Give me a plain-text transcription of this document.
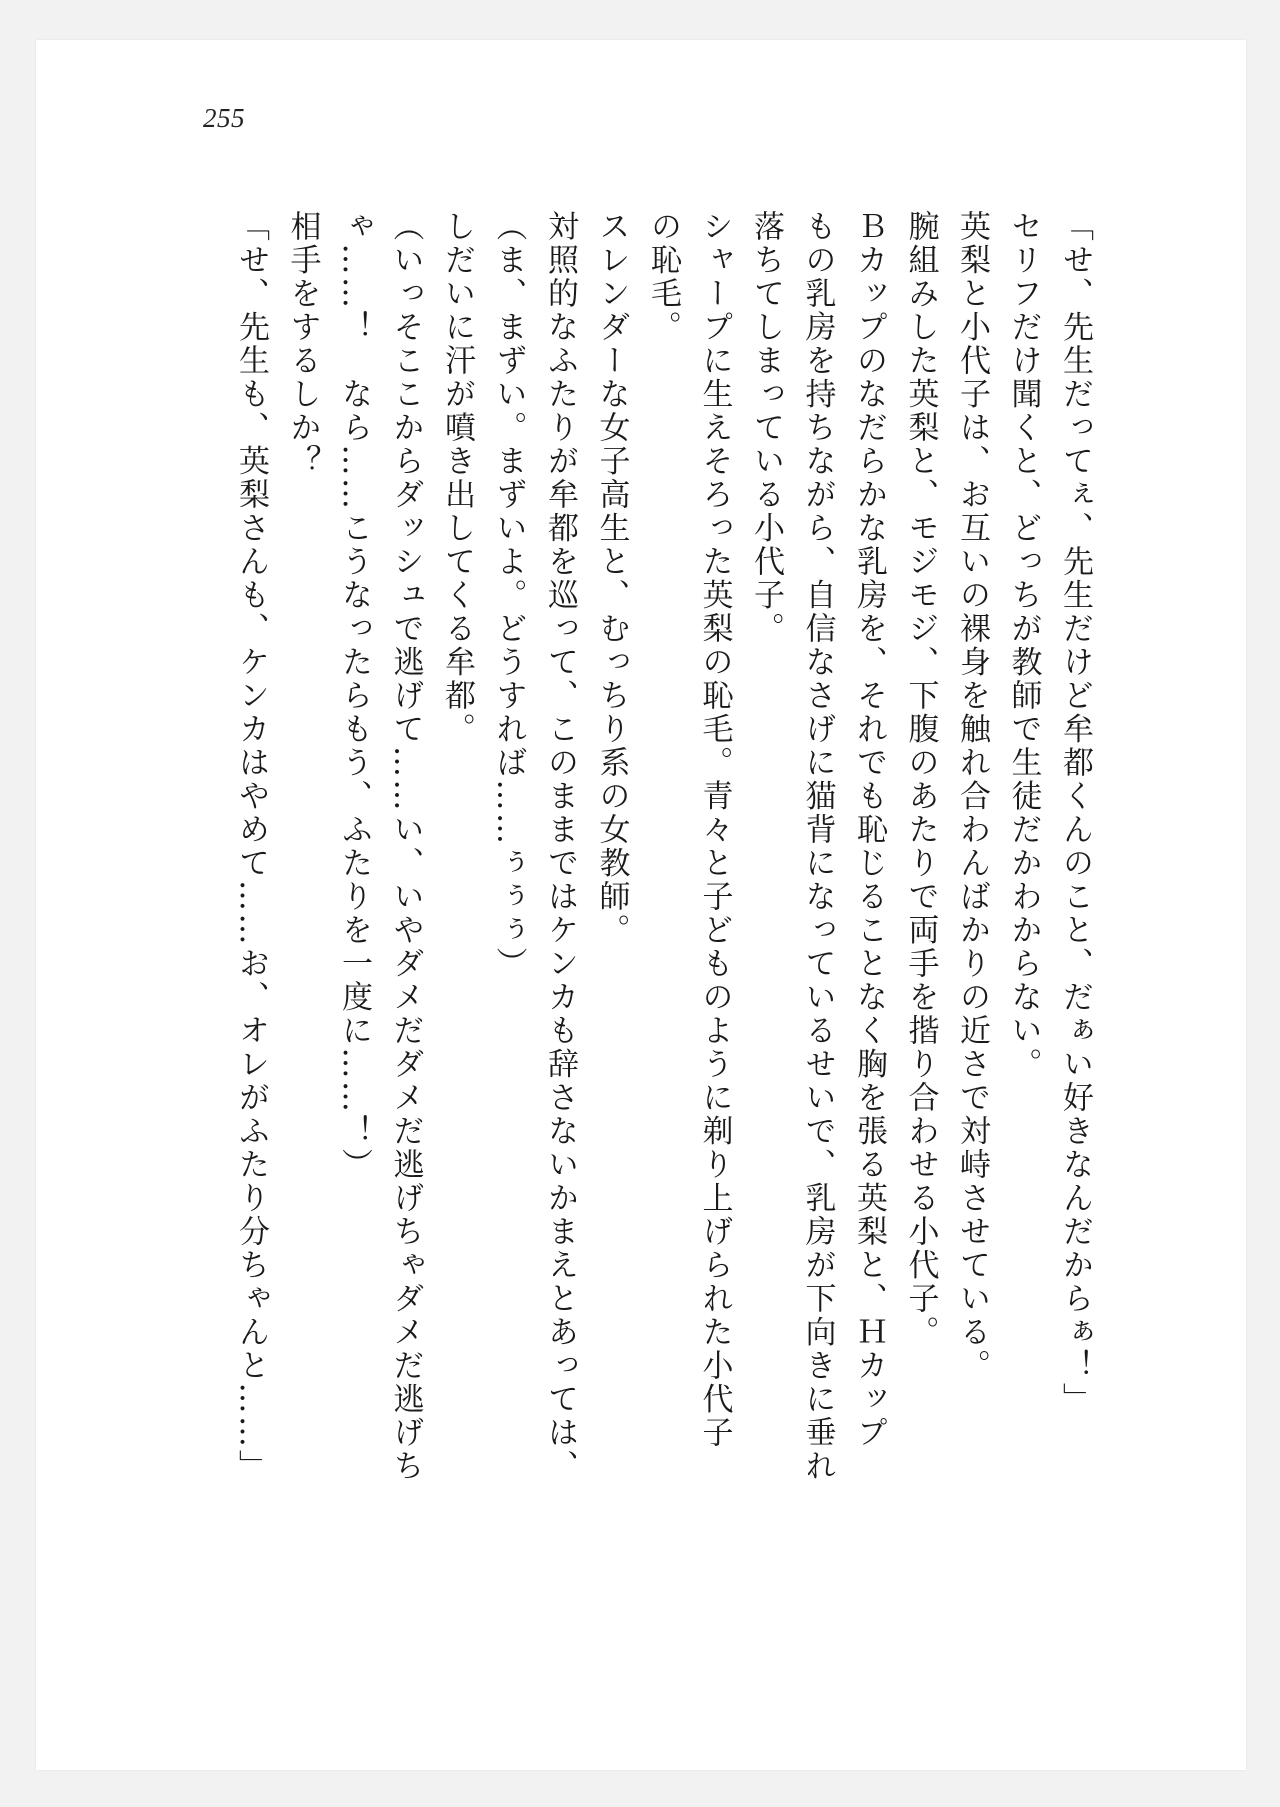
255
「せ、先生だってぇ、先生だけど牟都くんのこと、だぁい好きなんだからぁ！」
セリフだけ聞くと、どっちが教師で生徒だかわからない。
英梨と小代子は、お互いの裸身を触れ合わんばかりの近さで対峙させている。
腕組みした英梨と、モジモジ、下腹のあたりで両手を揩り合わせる小代子。
Ｂカップのなだらかな乳房を、それでも恥じることなく胸を張る英梨と、Ｈカップ
もの乳房を持ちながら、自信なさげに猫背になっているせいで、乳房が下向きに垂れ
落ちてしまっている小代子。
シャープに生えそろった英梨の恥毛。青々と子どものように剃り上げられた小代子
の恥毛。
スレンダーな女子高生と、むっちり系の女教師。
対照的なふたりが牟都を巡って、このままではケンカも辞さないかまえとあっては、
（ま、まずい。まずいよ。どうすれば……ぅぅぅ）
しだいに汗が噴き出してくる牟都。
（いっそここからダッシュで逃げて……い、いやダメだダメだ逃げちゃダメだ逃げち
ゃ……！　なら……こうなったらもう、ふたりを一度に……！）
相手をするしか？
「せ、先生も、英梨さんも、ケンカはやめて……お、オレがふたり分ちゃんと……」
